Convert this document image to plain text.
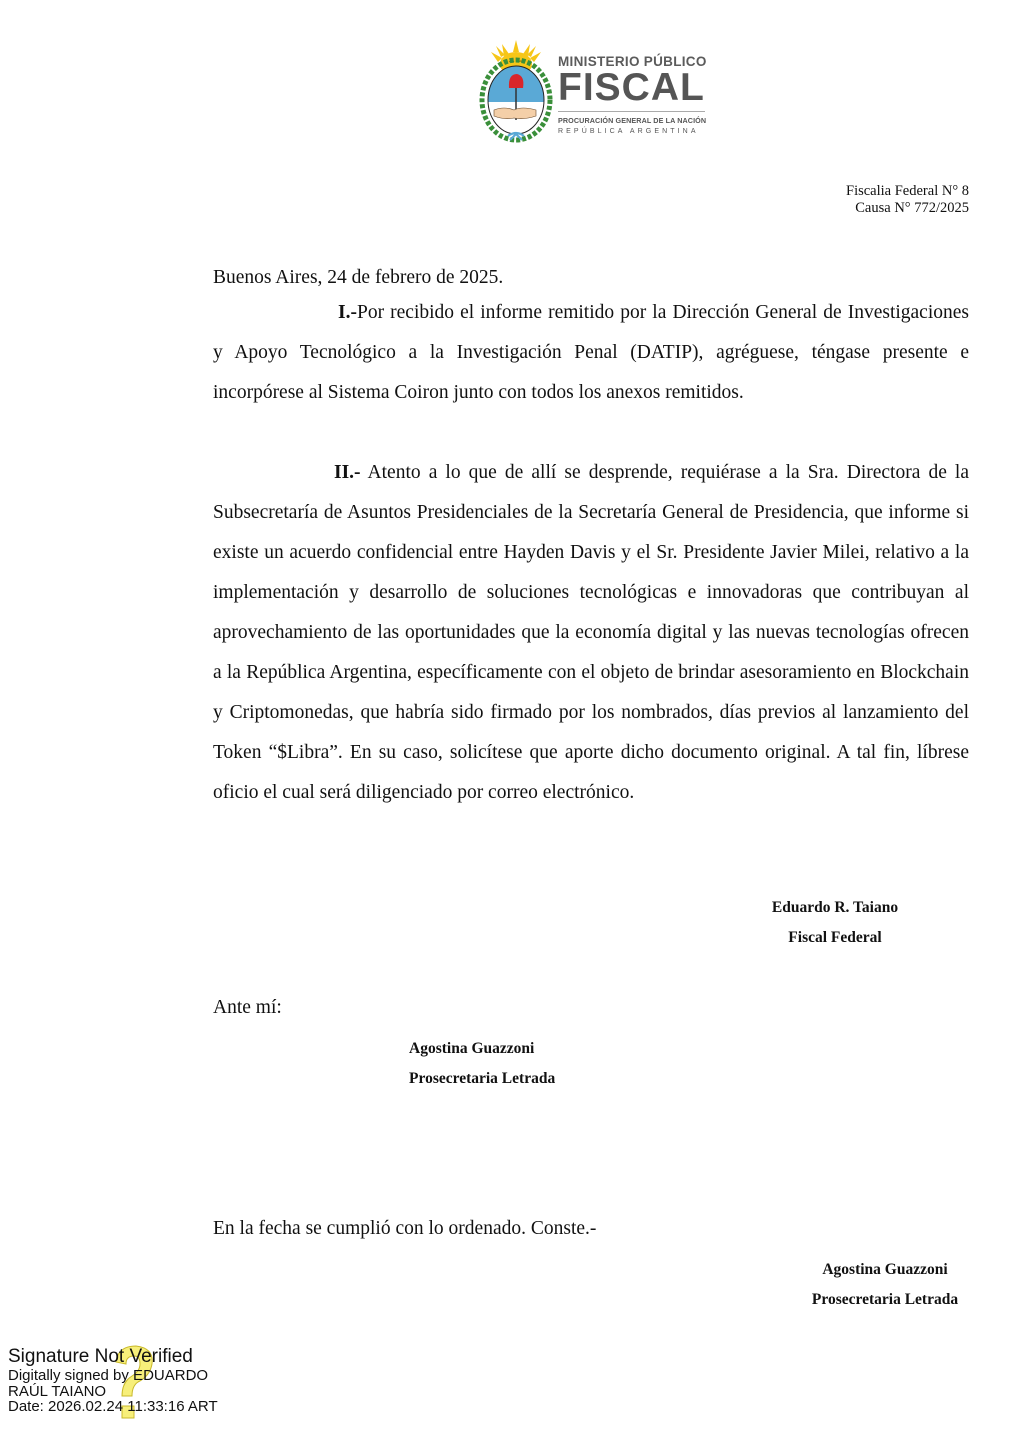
MINISTERIO PÚBLICO
FISCAL
PROCURACIÓN GENERAL DE LA NACIÓN
REPÚBLICA ARGENTINA
Fiscalia Federal N° 8
Causa N° 772/2025
Buenos Aires, 24 de febrero de 2025.
I.-Por recibido el informe remitido por la Dirección General de Investigaciones y Apoyo Tecnológico a la Investigación Penal (DATIP), agréguese, téngase presente e incorpórese al Sistema Coiron junto con todos los anexos remitidos.
II.- Atento a lo que de allí se desprende, requiérase a la Sra. Directora de la Subsecretaría de Asuntos Presidenciales de la Secretaría General de Presidencia, que informe si existe un acuerdo confidencial entre Hayden Davis y el Sr. Presidente Javier Milei, relativo a la implementación y desarrollo de soluciones tecnológicas e innovadoras que contribuyan al aprovechamiento de las oportunidades que la economía digital y las nuevas tecnologías ofrecen a la República Argentina, específicamente con el objeto de brindar asesoramiento en Blockchain y Criptomonedas, que habría sido firmado por los nombrados, días previos al lanzamiento del Token “$Libra”. En su caso, solicítese que aporte dicho documento original. A tal fin, líbrese oficio el cual será diligenciado por correo electrónico.
Eduardo R. Taiano
Fiscal Federal
Ante mí:
Agostina Guazzoni
Prosecretaria Letrada
En la fecha se cumplió con lo ordenado. Conste.-
Agostina Guazzoni
Prosecretaria Letrada
Signature Not Verified
Digitally signed by EDUARDO
RAÚL TAIANO
Date: 2026.02.24 11:33:16 ART
